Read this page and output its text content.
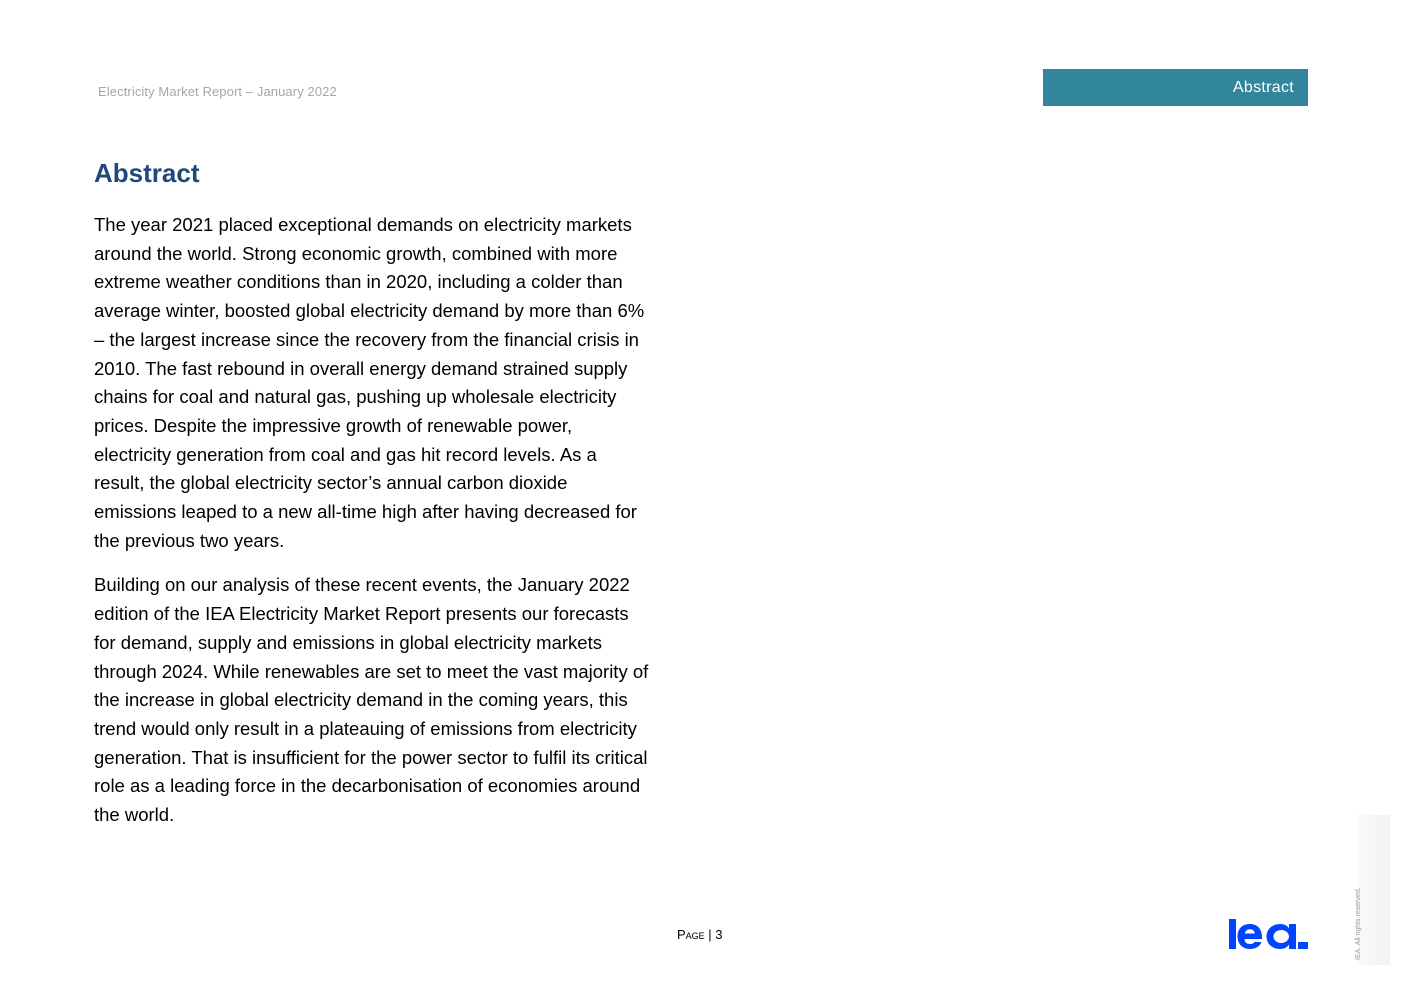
Electricity Market Report – January 2022	Abstract
Abstract

The year 2021 placed exceptional demands on electricity markets
around the world. Strong economic growth, combined with more
extreme weather conditions than in 2020, including a colder than
average winter, boosted global electricity demand by more than 6%
– the largest increase since the recovery from the financial crisis in
2010. The fast rebound in overall energy demand strained supply
chains for coal and natural gas, pushing up wholesale electricity
prices. Despite the impressive growth of renewable power,
electricity generation from coal and gas hit record levels. As a
result, the global electricity sector’s annual carbon dioxide
emissions leaped to a new all-time high after having decreased for
the previous two years.

Building on our analysis of these recent events, the January 2022
edition of the IEA Electricity Market Report presents our forecasts
for demand, supply and emissions in global electricity markets
through 2024. While renewables are set to meet the vast majority of
the increase in global electricity demand in the coming years, this
trend would only result in a plateauing of emissions from electricity
generation. That is insufficient for the power sector to fulfil its critical
role as a leading force in the decarbonisation of economies around
the world.

Page | 3
iea
IEA. All rights reserved.
